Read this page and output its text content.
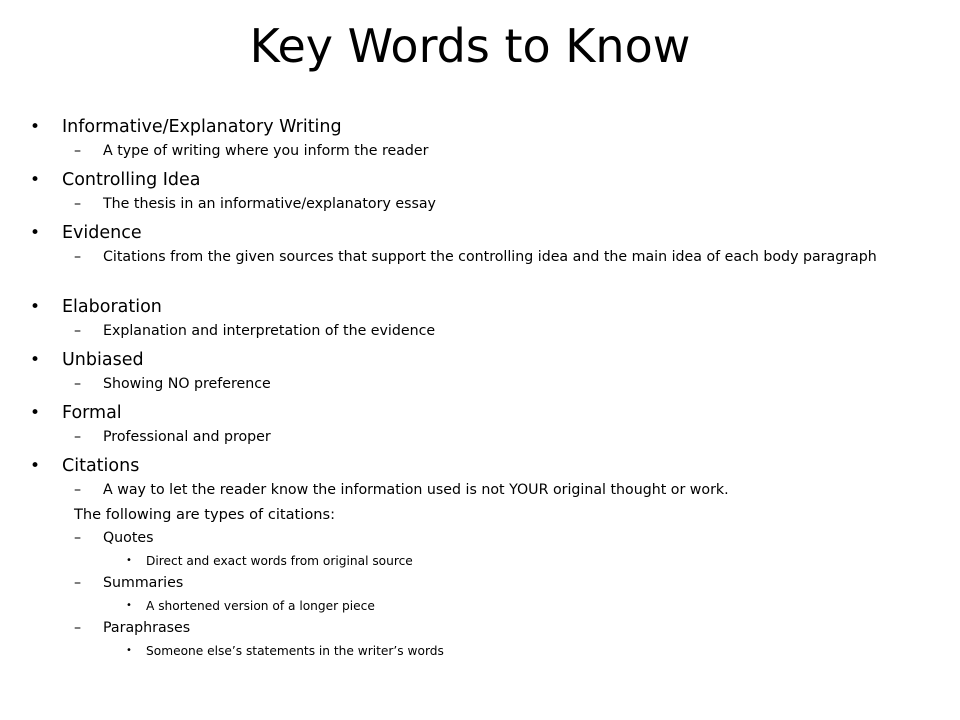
Key Words to Know
• Informative/Explanatory Writing
– A type of writing where you inform the reader
• Controlling Idea
– The thesis in an informative/explanatory essay
• Evidence
– Citations from the given sources that support the controlling idea and the main idea of each body paragraph
• Elaboration
– Explanation and interpretation of the evidence
• Unbiased
– Showing NO preference
• Formal
– Professional and proper
• Citations
– A way to let the reader know the information used is not YOUR original thought or work.
The following are types of citations:
– Quotes
• Direct and exact words from original source
– Summaries
• A shortened version of a longer piece
– Paraphrases
• Someone else’s statements in the writer’s words
